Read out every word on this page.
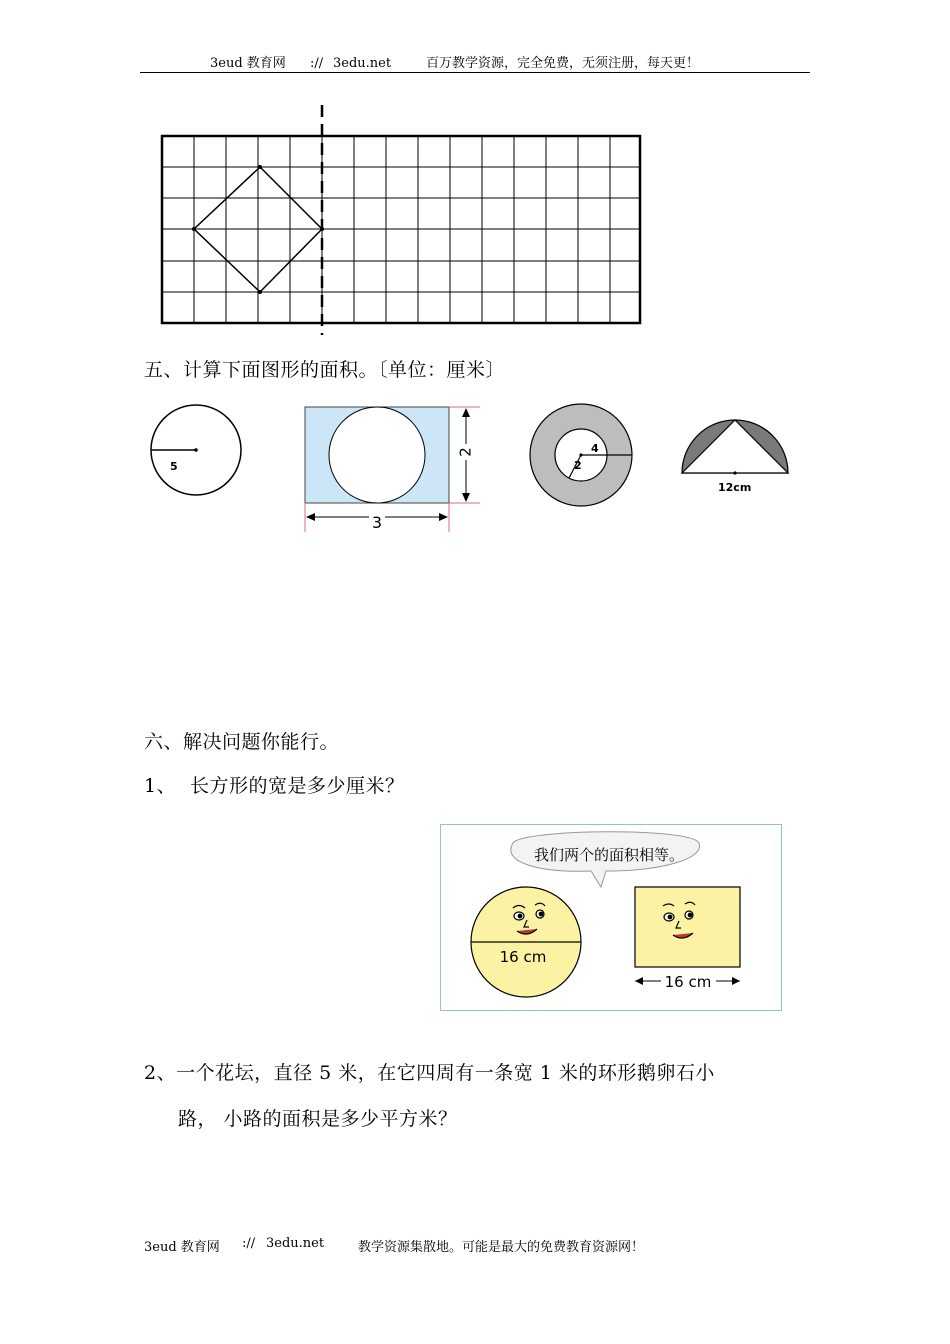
3eud 教育网 :// 3edu.net	百万教学资源，完全免费，无须注册，每天更！
五、计算下面图形的面积。〔单位：厘米〕
5
2
3
4
2
12cm
六、解决问题你能行。
1、 长方形的宽是多少厘米？
我们两个的面积相等。
16 cm
16 cm
2、一个花坛，直径 5 米，在它四周有一条宽 1 米的环形鹅卵石小
路， 小路的面积是多少平方米？
3eud 教育网 :// 3edu.net	教学资源集散地。可能是最大的免费教育资源网！
